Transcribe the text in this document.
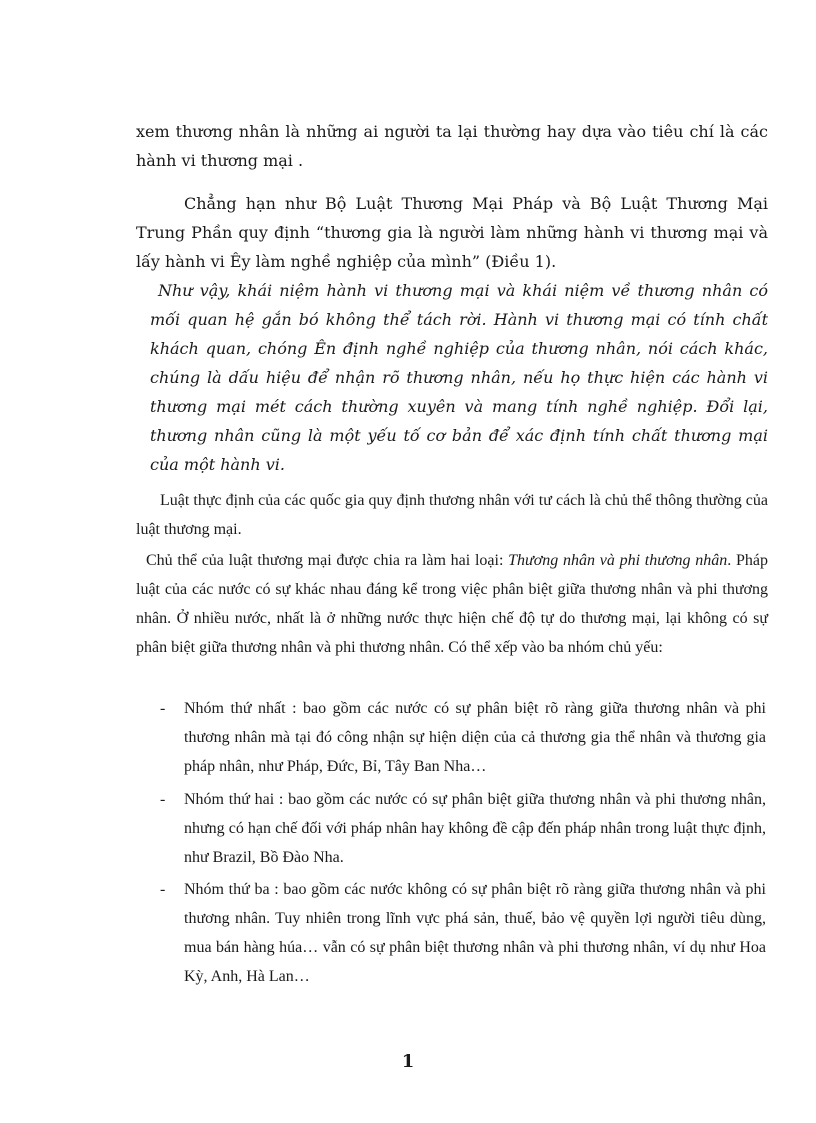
xem thương nhân là những ai người ta lại thường hay dựa vào tiêu chí là các hành vi thương mại .

Chẳng hạn như Bộ Luật Thương Mại Pháp và Bộ Luật Thương Mại Trung Phần quy định “thương gia là người làm những hành vi thương mại và lấy hành vi Êy làm nghề nghiệp của mình” (Điều 1).

Như vậy, khái niệm hành vi thương mại và khái niệm về thương nhân có mối quan hệ gắn bó không thể tách rời. Hành vi thương mại có tính chất khách quan, chóng Ên định nghề nghiệp của thương nhân, nói cách khác, chúng là dấu hiệu để nhận rõ thương nhân, nếu họ thực hiện các hành vi thương mại mét cách thường xuyên và mang tính nghề nghiệp. Đổi lại, thương nhân cũng là một yếu tố cơ bản để xác định tính chất thương mại của một hành vi.

Luật thực định của các quốc gia quy định thương nhân với tư cách là chủ thể thông thường của luật thương mại.

Chủ thể của luật thương mại được chia ra làm hai loại: Thương nhân và phi thương nhân. Pháp luật của các nước có sự khác nhau đáng kể trong việc phân biệt giữa thương nhân và phi thương nhân. Ở nhiều nước, nhất là ở những nước thực hiện chế độ tự do thương mại, lại không có sự phân biệt giữa thương nhân và phi thương nhân. Có thể xếp vào ba nhóm chủ yếu:

- Nhóm thứ nhất : bao gồm các nước có sự phân biệt rõ ràng giữa thương nhân và phi thương nhân mà tại đó công nhận sự hiện diện của cả thương gia thể nhân và thương gia pháp nhân, như Pháp, Đức, Bỉ, Tây Ban Nha…
- Nhóm thứ hai : bao gồm các nước có sự phân biệt giữa thương nhân và phi thương nhân, nhưng có hạn chế đối với pháp nhân hay không đề cập đến pháp nhân trong luật thực định, như Brazil, Bồ Đào Nha.
- Nhóm thứ ba : bao gồm các nước không có sự phân biệt rõ ràng giữa thương nhân và phi thương nhân. Tuy nhiên trong lĩnh vực phá sản, thuế, bảo vệ quyền lợi người tiêu dùng, mua bán hàng húa… vẫn có sự phân biệt thương nhân và phi thương nhân, ví dụ như Hoa Kỳ, Anh, Hà Lan…
1
